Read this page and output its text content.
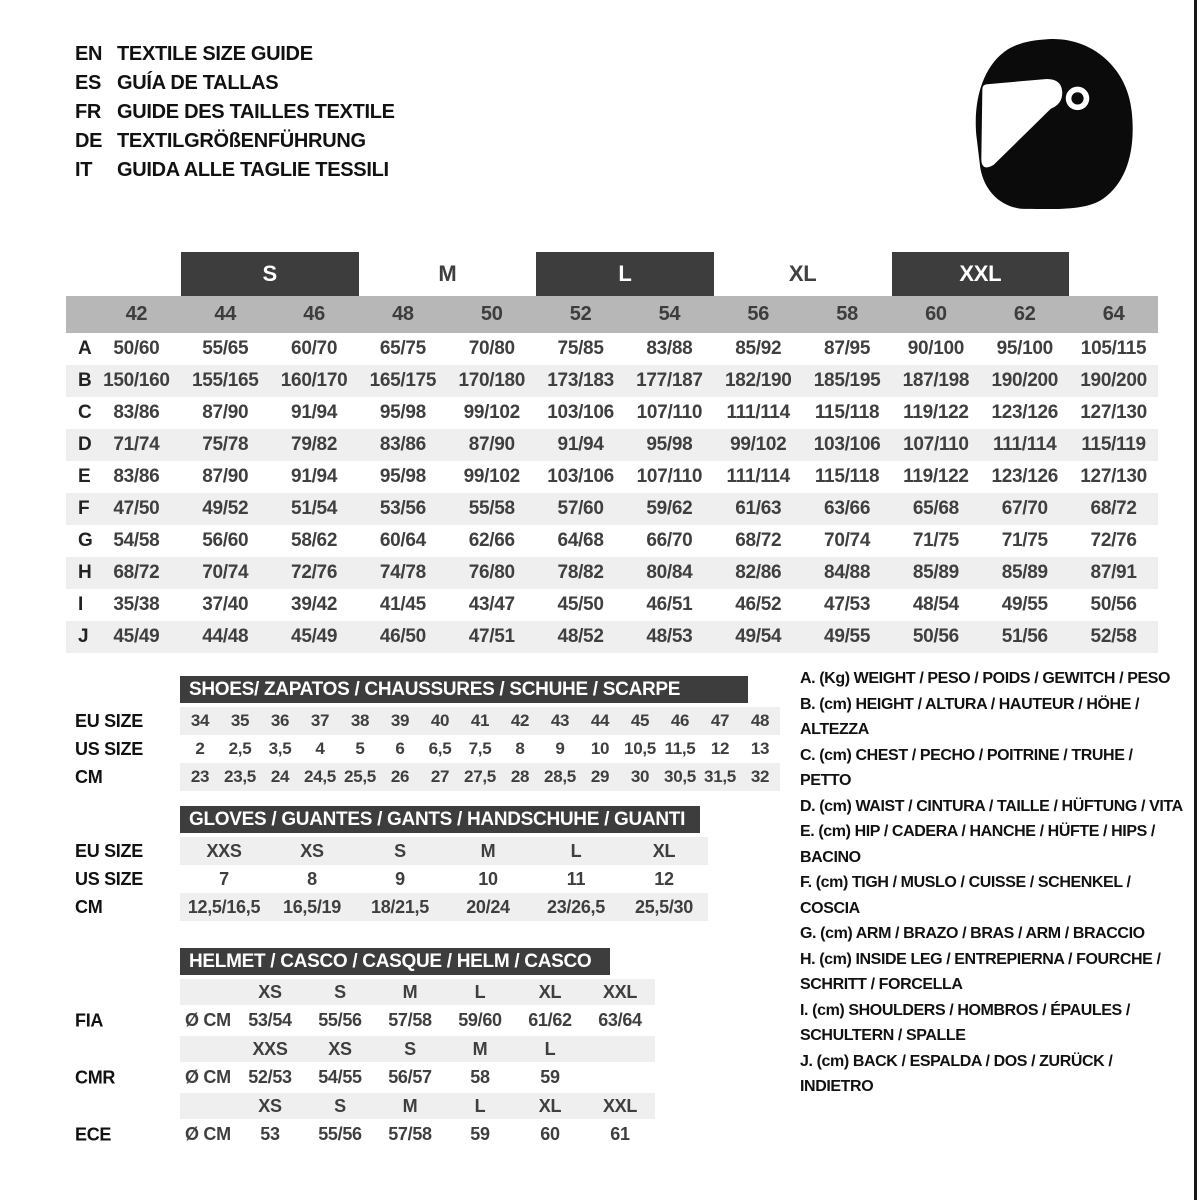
EN TEXTILE SIZE GUIDE
ES GUÍA DE TALLAS
FR GUIDE DES TAILLES TEXTILE
DE TEXTILGRÖßENFÜHRUNG
IT	GUIDA ALLE TAGLIE TESSILI
S	M	L	XL	XXL
42	44	46	48	50	52	54	56	58	60	62	64
A	50/60	55/65	60/70	65/75	70/80	75/85	83/88	85/92	87/95	90/100	95/100	105/115
B 150/160	155/165	160/170	165/175	170/180	173/183	177/187	182/190	185/195	187/198	190/200	190/200
C	83/86	87/90	91/94	95/98	99/102	103/106	107/110	111/114	115/118	119/122	123/126	127/130
D	71/74	75/78	79/82	83/86	87/90	91/94	95/98	99/102	103/106	107/110	111/114	115/119
E	83/86	87/90	91/94	95/98	99/102	103/106	107/110	111/114	115/118	119/122	123/126	127/130
F	47/50	49/52	51/54	53/56	55/58	57/60	59/62	61/63	63/66	65/68	67/70	68/72
G	54/58	56/60	58/62	60/64	62/66	64/68	66/70	68/72	70/74	71/75	71/75	72/76
H	68/72	70/74	72/76	74/78	76/80	78/82	80/84	82/86	84/88	85/89	85/89	87/91
I	35/38	37/40	39/42	41/45	43/47	45/50	46/51	46/52	47/53	48/54	49/55	50/56
J	45/49	44/48	45/49	46/50	47/51	48/52	48/53	49/54	49/55	50/56	51/56	52/58
SHOES/ ZAPATOS / CHAUSSURES / SCHUHE / SCARPE
EU SIZE	34	35	36	37	38	39	40	41	42	43	44	45	46	47	48
US SIZE	2	2,5	3,5	4	5	6	6,5	7,5	8	9	10 10,5 11,5 12	13
CM	23 23,5 24 24,5 25,5 26	27 27,5 28 28,5 29	30 30,5 31,5 32
GLOVES / GUANTES / GANTS / HANDSCHUHE / GUANTI
EU SIZE	XXS	XS	S	M	L	XL
US SIZE	7	8	9	10	11	12
CM	12,5/16,5	16,5/19	18/21,5	20/24	23/26,5	25,5/30
HELMET / CASCO / CASQUE / HELM / CASCO
XS	S	M	L	XL	XXL
FIA	Ø CM 53/54	55/56	57/58	59/60	61/62	63/64
XXS	XS	S	M	L
CMR	Ø CM 52/53	54/55	56/57	58	59
XS	S	M	L	XL	XXL
ECE	Ø CM	53	55/56	57/58	59	60	61
A. (Kg) WEIGHT / PESO / POIDS / GEWITCH / PESO
B. (cm) HEIGHT / ALTURA / HAUTEUR / HÖHE / ALTEZZA
C. (cm) CHEST / PECHO / POITRINE / TRUHE / PETTO
D. (cm) WAIST / CINTURA / TAILLE / HÜFTUNG / VITA
E. (cm) HIP / CADERA / HANCHE / HÜFTE / HIPS / BACINO
F. (cm) TIGH / MUSLO / CUISSE / SCHENKEL / COSCIA
G. (cm) ARM / BRAZO / BRAS / ARM / BRACCIO
H. (cm) INSIDE LEG / ENTREPIERNA / FOURCHE / SCHRITT / FORCELLA
I. (cm) SHOULDERS / HOMBROS / ÉPAULES / SCHULTERN / SPALLE
J. (cm) BACK / ESPALDA / DOS / ZURÜCK / INDIETRO
